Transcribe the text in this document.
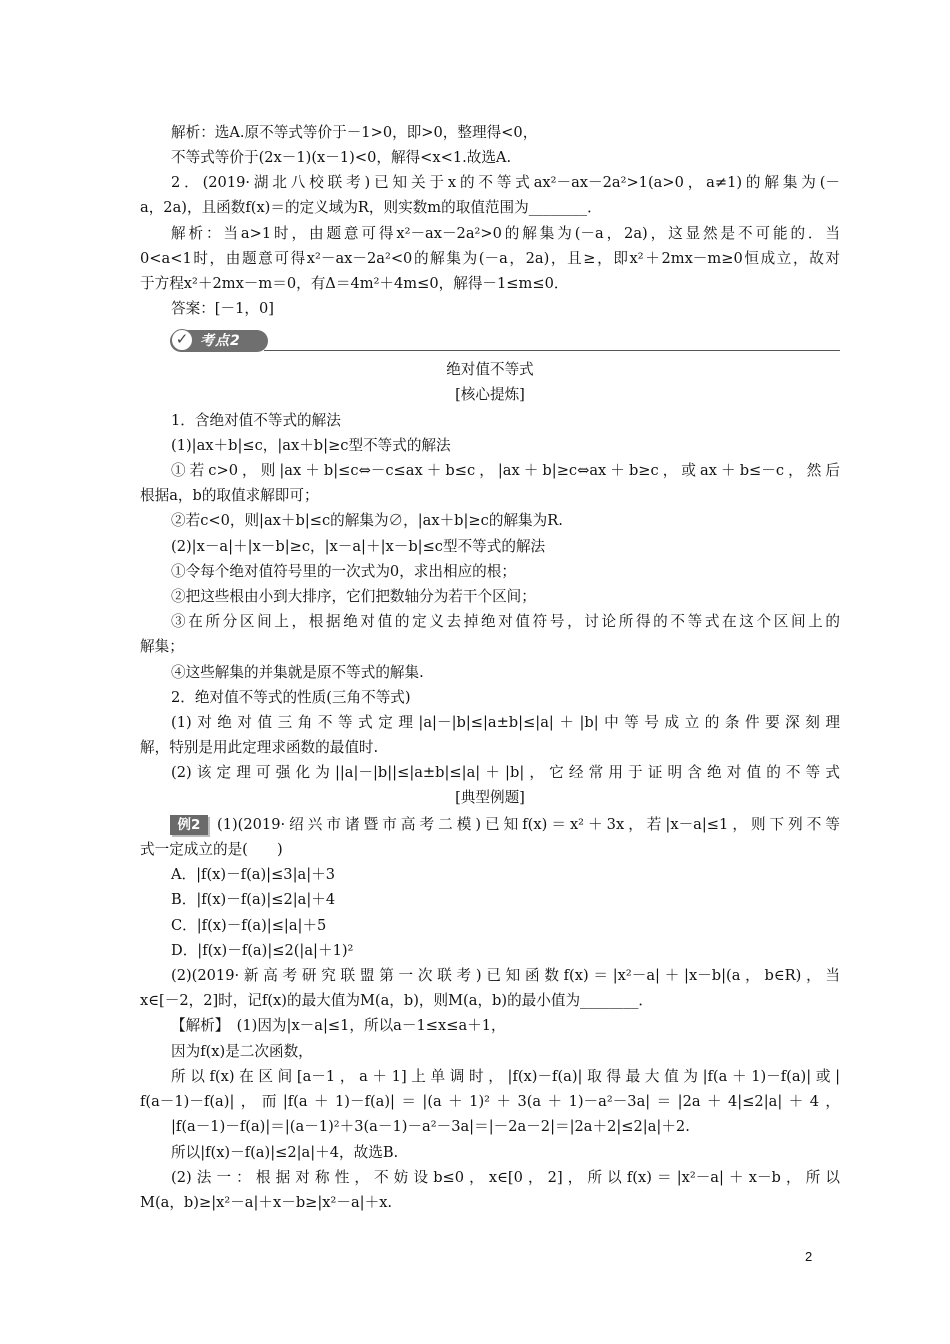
解析：选A.原不等式等价于－1>0，即>0，整理得<0，
不等式等价于(2x－1)(x－1)<0，解得<x<1.故选A.
2．(2019·湖北八校联考)已知关于x的不等式ax²－ax－2a²>1(a>0，a≠1)的解集为(－
a，2a)，且函数f(x)＝的定义域为R，则实数m的取值范围为________．
解析：当a>1时，由题意可得x²－ax－2a²>0的解集为(－a，2a)，这显然是不可能的．当
0<a<1时，由题意可得x²－ax－2a²<0的解集为(－a，2a)，且≥，即x²＋2mx－m≥0恒成立，故对
于方程x²＋2mx－m＝0，有Δ＝4m²＋4m≤0，解得－1≤m≤0．
答案：[－1，0]
✓ 考点2
绝对值不等式
[核心提炼]
1．含绝对值不等式的解法
(1)|ax＋b|≤c，|ax＋b|≥c型不等式的解法
①若c>0，则|ax＋b|≤c⇔－c≤ax＋b≤c，|ax＋b|≥c⇔ax＋b≥c，或ax＋b≤－c，然后
根据a，b的取值求解即可；
②若c<0，则|ax＋b|≤c的解集为∅，|ax＋b|≥c的解集为R.
(2)|x－a|＋|x－b|≥c，|x－a|＋|x－b|≤c型不等式的解法
①令每个绝对值符号里的一次式为0，求出相应的根；
②把这些根由小到大排序，它们把数轴分为若干个区间；
③在所分区间上，根据绝对值的定义去掉绝对值符号，讨论所得的不等式在这个区间上的
解集；
④这些解集的并集就是原不等式的解集.
2．绝对值不等式的性质(三角不等式)
(1)对绝对值三角不等式定理|a|－|b|≤|a±b|≤|a|＋|b|中等号成立的条件要深刻理
解，特别是用此定理求函数的最值时.
(2)该定理可强化为||a|－|b||≤|a±b|≤|a|＋|b|，它经常用于证明含绝对值的不等式
[典型例题]
例2	(1)(2019·绍兴市诸暨市高考二模)已知f(x)＝x²＋3x，若|x－a|≤1，则下列不等
式一定成立的是(　　)
A．|f(x)－f(a)|≤3|a|＋3
B．|f(x)－f(a)|≤2|a|＋4
C．|f(x)－f(a)|≤|a|＋5
D．|f(x)－f(a)|≤2(|a|＋1)²
(2)(2019·新高考研究联盟第一次联考)已知函数f(x)＝|x²－a|＋|x－b|(a，b∈R)，当
x∈[－2，2]时，记f(x)的最大值为M(a，b)，则M(a，b)的最小值为________．
【解析】　(1)因为|x－a|≤1，所以a－1≤x≤a＋1，
因为f(x)是二次函数，
所以f(x)在区间[a－1，a＋1]上单调时，|f(x)－f(a)|取得最大值为|f(a＋1)－f(a)|或|
f(a－1)－f(a)|，而|f(a＋1)－f(a)|＝|(a＋1)²＋3(a＋1)－a²－3a|＝|2a＋4|≤2|a|＋4，
|f(a－1)－f(a)|＝|(a－1)²＋3(a－1)－a²－3a|＝|－2a－2|＝|2a＋2|≤2|a|＋2.
所以|f(x)－f(a)|≤2|a|＋4，故选B.
(2)法一：根据对称性，不妨设b≤0，x∈[0，2]，所以f(x)＝|x²－a|＋x－b，所以
M(a，b)≥|x²－a|＋x－b≥|x²－a|＋x.
2
